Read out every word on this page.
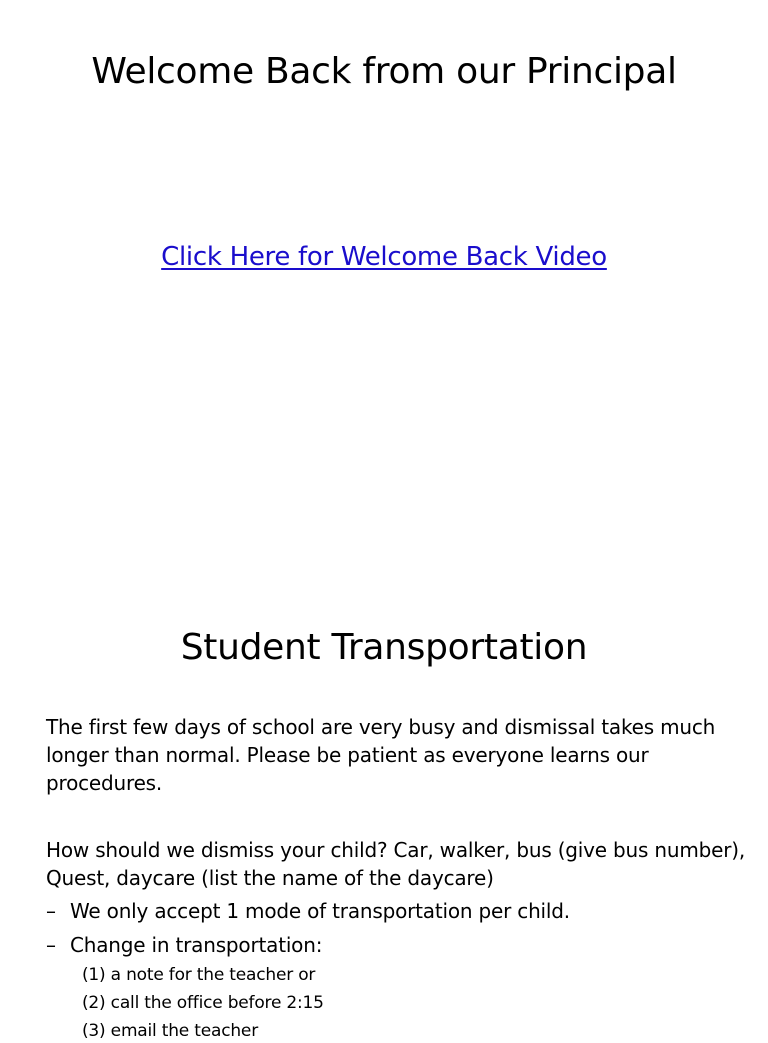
Welcome Back from our Principal
Click Here for Welcome Back Video
Student Transportation

The first few days of school are very busy and dismissal takes much longer than normal. Please be patient as everyone learns our procedures.

How should we dismiss your child? Car, walker, bus (give bus number), Quest, daycare (list the name of the daycare)

– We only accept 1 mode of transportation per child.
– Change in transportation:
(1) a note for the teacher or
(2) call the office before 2:15
(3) email the teacher
